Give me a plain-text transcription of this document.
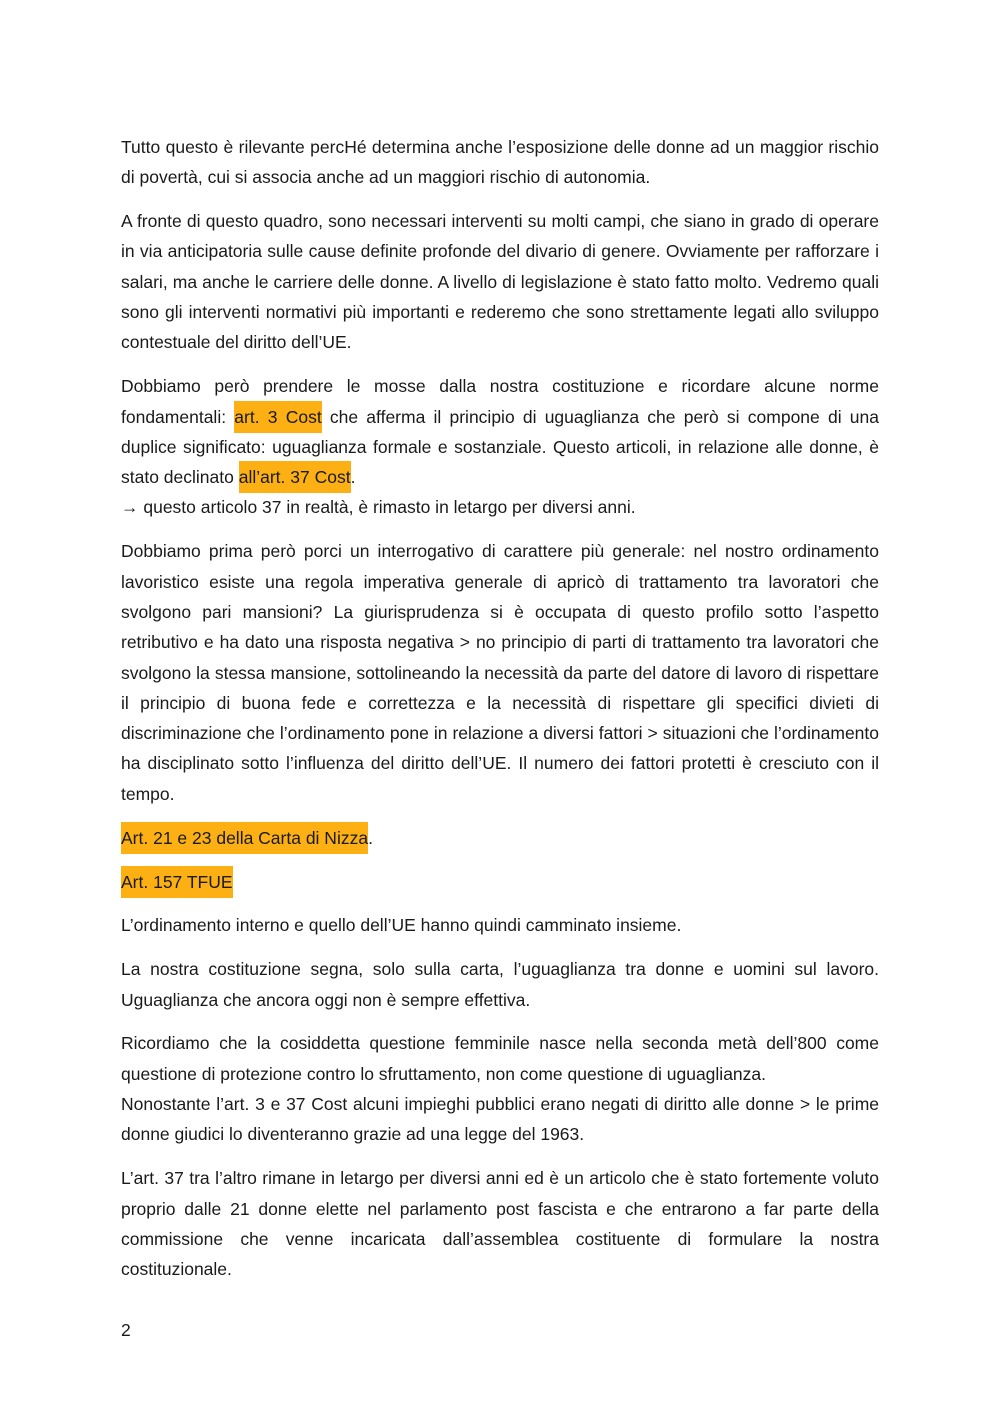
Tutto questo è rilevante percHé determina anche l’esposizione delle donne ad un maggior rischio di povertà, cui si associa anche ad un maggiori rischio di autonomia.

A fronte di questo quadro, sono necessari interventi su molti campi, che siano in grado di operare in via anticipatoria sulle cause definite profonde del divario di genere. Ovviamente per rafforzare i salari, ma anche le carriere delle donne. A livello di legislazione è stato fatto molto. Vedremo quali sono gli interventi normativi più importanti e rederemo che sono strettamente legati allo sviluppo contestuale del diritto dell’UE.

Dobbiamo però prendere le mosse dalla nostra costituzione e ricordare alcune norme fondamentali: art. 3 Cost che afferma il principio di uguaglianza che però si compone di una duplice significato: uguaglianza formale e sostanziale. Questo articoli, in relazione alle donne, è stato declinato all’art. 37 Cost.
→ questo articolo 37 in realtà, è rimasto in letargo per diversi anni.

Dobbiamo prima però porci un interrogativo di carattere più generale: nel nostro ordinamento lavoristico esiste una regola imperativa generale di apricò di trattamento tra lavoratori che svolgono pari mansioni? La giurisprudenza si è occupata di questo profilo sotto l’aspetto retributivo e ha dato una risposta negativa > no principio di parti di trattamento tra lavoratori che svolgono la stessa mansione, sottolineando la necessità da parte del datore di lavoro di rispettare il principio di buona fede e correttezza e la necessità di rispettare gli specifici divieti di discriminazione che l’ordinamento pone in relazione a diversi fattori > situazioni che l’ordinamento ha disciplinato sotto l’influenza del diritto dell’UE. Il numero dei fattori protetti è cresciuto con il tempo.

Art. 21 e 23 della Carta di Nizza.

Art. 157 TFUE

L’ordinamento interno e quello dell’UE hanno quindi camminato insieme.

La nostra costituzione segna, solo sulla carta, l’uguaglianza tra donne e uomini sul lavoro. Uguaglianza che ancora oggi non è sempre effettiva.

Ricordiamo che la cosiddetta questione femminile nasce nella seconda metà dell’800 come questione di protezione contro lo sfruttamento, non come questione di uguaglianza.
Nonostante l’art. 3 e 37 Cost alcuni impieghi pubblici erano negati di diritto alle donne > le prime donne giudici lo diventeranno grazie ad una legge del 1963.

L’art. 37 tra l’altro rimane in letargo per diversi anni ed è un articolo che è stato fortemente voluto proprio dalle 21 donne elette nel parlamento post fascista e che entrarono a far parte della commissione che venne incaricata dall’assemblea costituente di formulare la nostra costituzionale.

2
